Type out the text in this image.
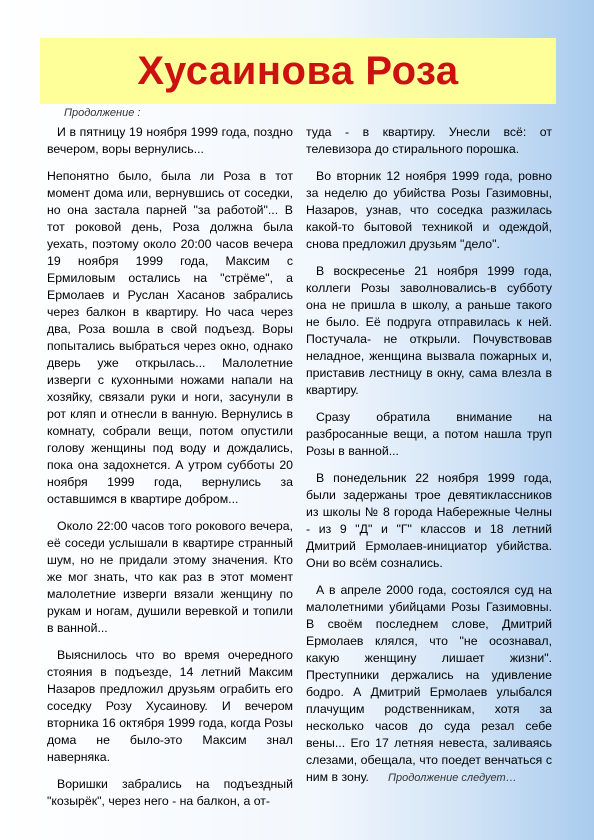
Хусаинова Роза
Продолжение :

И в пятницу 19 ноября 1999 года, поздно вечером, воры вернулись...

Непонятно было, была ли Роза в тот момент дома или, вернувшись от соседки, но она застала парней "за работой"... В тот роковой день, Роза должна была уехать, поэтому около 20:00 часов вечера 19 ноября 1999 года, Максим с Ермиловым остались на "стрёме", а Ермолаев и Руслан Хасанов забрались через балкон в квартиру. Но часа через два, Роза вошла в свой подъезд. Воры попытались выбраться через окно, однако дверь уже открылась... Малолетние изверги с кухонными ножами напали на хозяйку, связали руки и ноги, засунули в рот кляп и отнесли в ванную. Вернулись в комнату, собрали вещи, потом опустили голову женщины под воду и дождались, пока она задохнется. А утром субботы 20 ноября 1999 года, вернулись за оставшимся в квартире добром...

Около 22:00 часов того рокового вечера, её соседи услышали в квартире странный шум, но не придали этому значения. Кто же мог знать, что как раз в этот момент малолетние изверги вязали женщину по рукам и ногам, душили веревкой и топили в ванной...

Выяснилось что во время очередного стояния в подъезде, 14 летний Максим Назаров предложил друзьям ограбить его соседку Розу Хусаинову. И вечером вторника 16 октября 1999 года, когда Розы дома не было-это Максим знал наверняка.

Воришки забрались на подъездный "козырёк", через него - на балкон, а от-

туда - в квартиру. Унесли всё: от телевизора до стирального порошка.

Во вторник 12 ноября 1999 года, ровно за неделю до убийства Розы Газимовны, Назаров, узнав, что соседка разжилась какой-то бытовой техникой и одеждой, снова предложил друзьям "дело".

В воскресенье 21 ноября 1999 года, коллеги Розы заволновались-в субботу она не пришла в школу, а раньше такого не было. Её подруга отправилась к ней. Постучала- не открыли. Почувствовав неладное, женщина вызвала пожарных и, приставив лестницу в окну, сама влезла в квартиру.

Сразу обратила внимание на разбросанные вещи, а потом нашла труп Розы в ванной...

В понедельник 22 ноября 1999 года, были задержаны трое девятиклассников из школы № 8 города Набережные Челны - из 9 "Д" и "Г" классов и 18 летний Дмитрий Ермолаев-инициатор убийства. Они во всём сознались.

А в апреле 2000 года, состоялся суд на малолетними убийцами Розы Газимовны. В своём последнем слове, Дмитрий Ермолаев клялся, что "не осознавал, какую женщину лишает жизни". Преступники держались на удивление бодро. А Дмитрий Ермолаев улыбался плачущим родственникам, хотя за несколько часов до суда резал себе вены... Его 17 летняя невеста, заливаясь слезами, обещала, что поедет венчаться с ним в зону.	Продолжение следует…
